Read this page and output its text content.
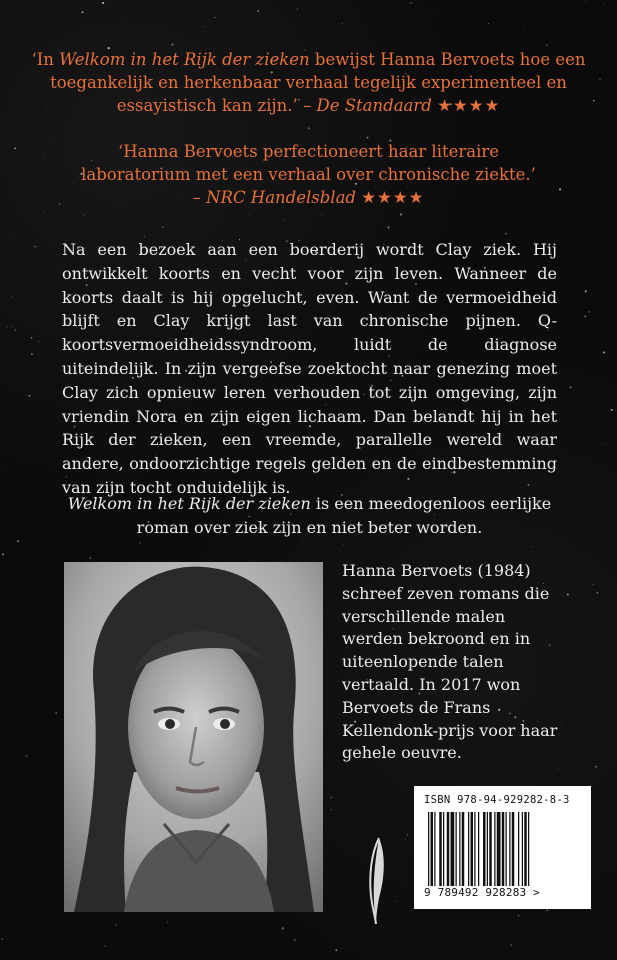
‘In Welkom in het Rijk der zieken bewijst Hanna Bervoets hoe een toegankelijk en herkenbaar verhaal tegelijk experimenteel en essayistisch kan zijn.’ – De Standaard ★★★★
‘Hanna Bervoets perfectioneert haar literaire
laboratorium met een verhaal over chronische ziekte.’
– NRC Handelsblad ★★★★
Na een bezoek aan een boerderij wordt Clay ziek. Hij ontwikkelt koorts en vecht voor zijn leven. Wanneer de koorts daalt is hij opgelucht, even. Want de vermoeidheid blijft en Clay krijgt last van chronische pijnen. Q-koortsvermoeidheidssyndroom, luidt de diagnose uiteindelijk. In zijn vergeefse zoektocht naar genezing moet Clay zich opnieuw leren verhouden tot zijn omgeving, zijn vriendin Nora en zijn eigen lichaam. Dan belandt hij in het Rijk der zieken, een vreemde, parallelle wereld waar andere, ondoorzichtige regels gelden en de eindbestemming van zijn tocht onduidelijk is.
Welkom in het Rijk der zieken is een meedogenloos eerlijke roman over ziek zijn en niet beter worden.
Hanna Bervoets (1984) schreef zeven romans die verschillende malen werden bekroond en in uiteenlopende talen vertaald. In 2017 won Bervoets de Frans Kellendonk-prijs voor haar gehele oeuvre.
ISBN 978-94-929282-8-3
9 789492 928283 >
